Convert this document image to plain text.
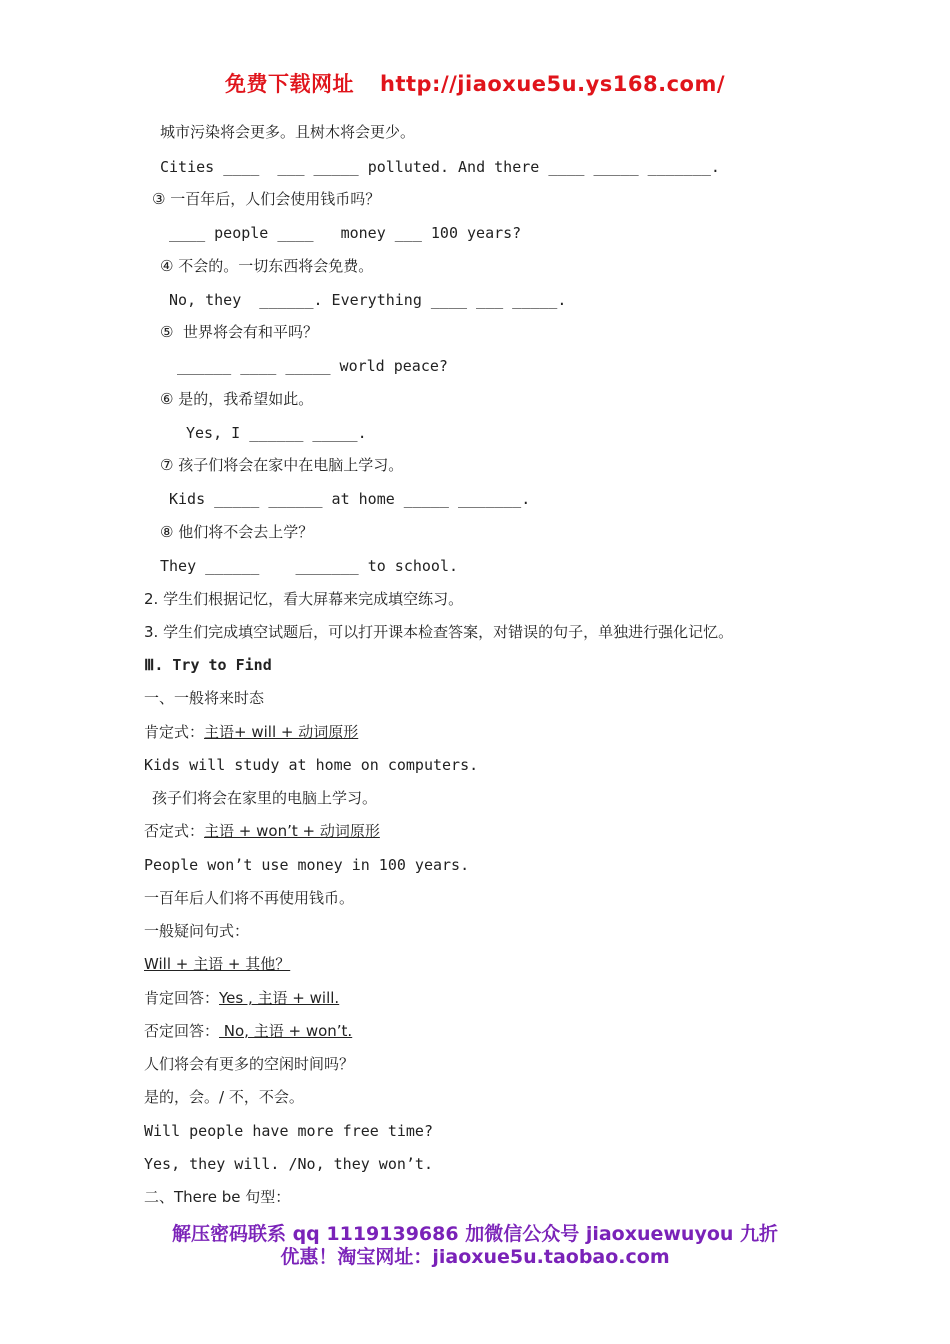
免费下载网址 http://jiaoxue5u.ys168.com/
城市污染将会更多。且树木将会更少。
Cities ____  ___ _____ polluted. And there ____ _____ _______.
③ 一百年后，人们会使用钱币吗？
____ people ____   money ___ 100 years?
④ 不会的。一切东西将会免费。
No, they  ______. Everything ____ ___ _____.
⑤  世界将会有和平吗？
______ ____ _____ world peace?
⑥ 是的，我希望如此。
Yes, I ______ _____.
⑦ 孩子们将会在家中在电脑上学习。
Kids _____ ______ at home _____ _______.
⑧ 他们将不会去上学？
They ______    _______ to school.
2. 学生们根据记忆，看大屏幕来完成填空练习。
3. 学生们完成填空试题后，可以打开课本检查答案，对错误的句子，单独进行强化记忆。
Ⅲ. Try to Find
一、一般将来时态
肯定式：主语+ will + 动词原形
Kids will study at home on computers.
孩子们将会在家里的电脑上学习。
否定式：主语 + won’t + 动词原形
People won’t use money in 100 years.
一百年后人们将不再使用钱币。
一般疑问句式：
Will + 主语 + 其他？
肯定回答：Yes , 主语 + will.
否定回答： No, 主语 + won’t.
人们将会有更多的空闲时间吗？
是的，会。/ 不，不会。
Will people have more free time?
Yes, they will. /No, they won’t.
二、There be 句型：
解压密码联系 qq 1119139686 加微信公众号 jiaoxuewuyou 九折
优惠！淘宝网址：jiaoxue5u.taobao.com
